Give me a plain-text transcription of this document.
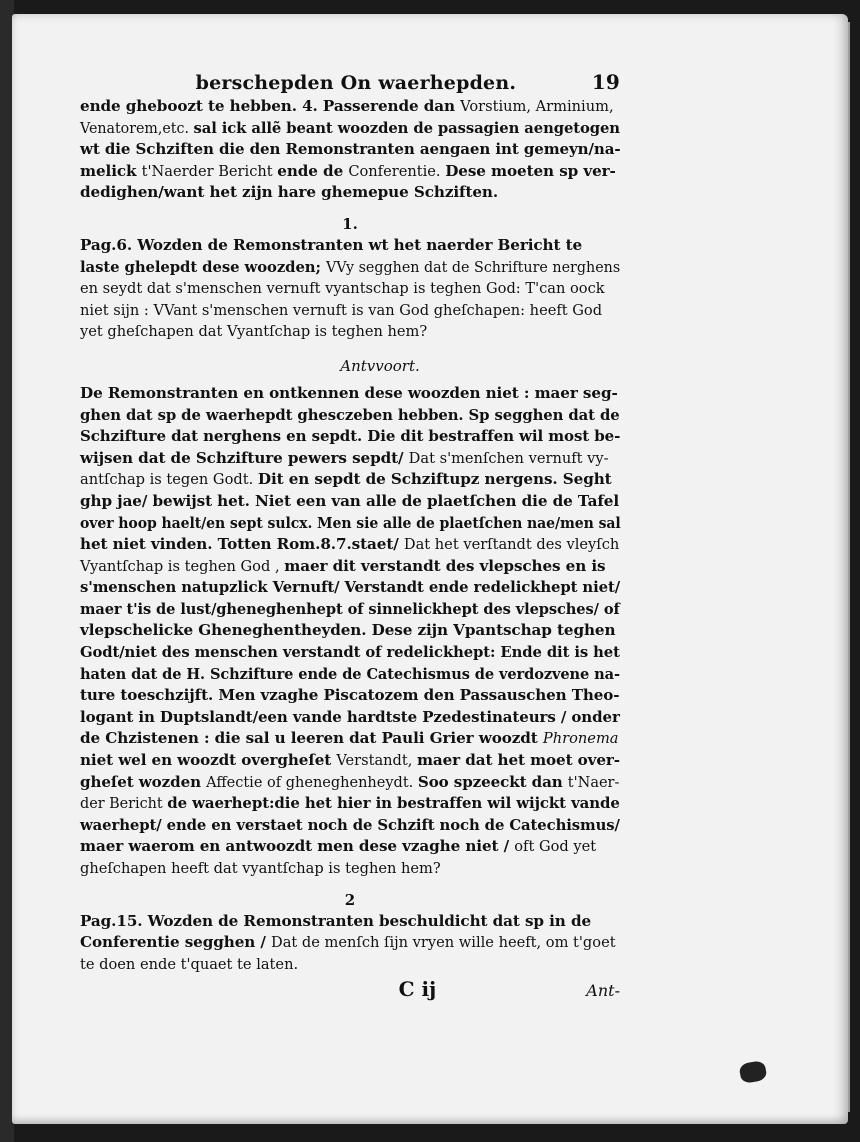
berschepden On waerhepden.	19
ende gheboozt te hebben. 4. Passerende dan Vorstium, Arminium,
Venatorem,etc. sal ick allẽ beant woozden de passagien aengetogen
wt die Schziften die den Remonstranten aengaen int gemeyn/na-
melick t'Naerder Bericht ende de Conferentie. Dese moeten sp ver-
dedighen/want het zijn hare ghemepue Schziften.
1.
Pag.6. Wozden de Remonstranten wt het naerder Bericht te
laste ghelepdt dese woozden; VVy segghen dat de Schrifture nerghens
en seydt dat s'menschen vernuft vyantschap is teghen God: T'can oock
niet sijn : VVant s'menschen vernuft is van God gheſchapen: heeft God
yet gheſchapen dat Vyantſchap is teghen hem?
Antvvoort.
De Remonstranten en ontkennen dese woozden niet : maer seg-
ghen dat sp de waerhepdt ghesczeben hebben. Sp segghen dat de
Schzifture dat nerghens en sepdt. Die dit bestraffen wil most be-
wijsen dat de Schzifture pewers sepdt/ Dat s'menſchen vernuft vy-
antſchap is tegen Godt. Dit en sepdt de Schziftupz nergens. Seght
ghp jae/ bewijst het. Niet een van alle de plaetſchen die de Tafel
over hoop haelt/en sept sulcx. Men sie alle de plaetſchen nae/men sal
het niet vinden. Totten Rom.8.7.staet/ Dat het verſtandt des vleyſch
Vyantſchap is teghen God , maer dit verstandt des vlepsches en is
s'menschen natupzlick Vernuft/ Verstandt ende redelickhept niet/
maer t'is de lust/gheneghenhept of sinnelickhept des vlepsches/ of
vlepschelicke Gheneghentheyden. Dese zijn Vpantschap teghen
Godt/niet des menschen verstandt of redelickhept: Ende dit is het
haten dat de H. Schzifture ende de Catechismus de verdozvene na-
ture toeschzijft. Men vzaghe Piscatozem den Passauschen Theo-
logant in Duptslandt/een vande hardtste Pzedestinateurs / onder
de Chzistenen : die sal u leeren dat Pauli Grier woozdt Phronema
niet wel en woozdt overgheſet Verstandt, maer dat het moet over-
gheſet wozden Affectie of gheneghenheydt. Soo spzeeckt dan t'Naer-
der Bericht de waerhept:die het hier in bestraffen wil wijckt vande
waerhept/ ende en verstaet noch de Schzift noch de Catechismus/
maer waerom en antwoozdt men dese vzaghe niet / oft God yet
gheſchapen heeft dat vyantſchap is teghen hem?
2
Pag.15. Wozden de Remonstranten beschuldicht dat sp in de
Conferentie segghen / Dat de menſch ſijn vryen wille heeft, om t'goet
te doen ende t'quaet te laten.
C ij	Ant-
